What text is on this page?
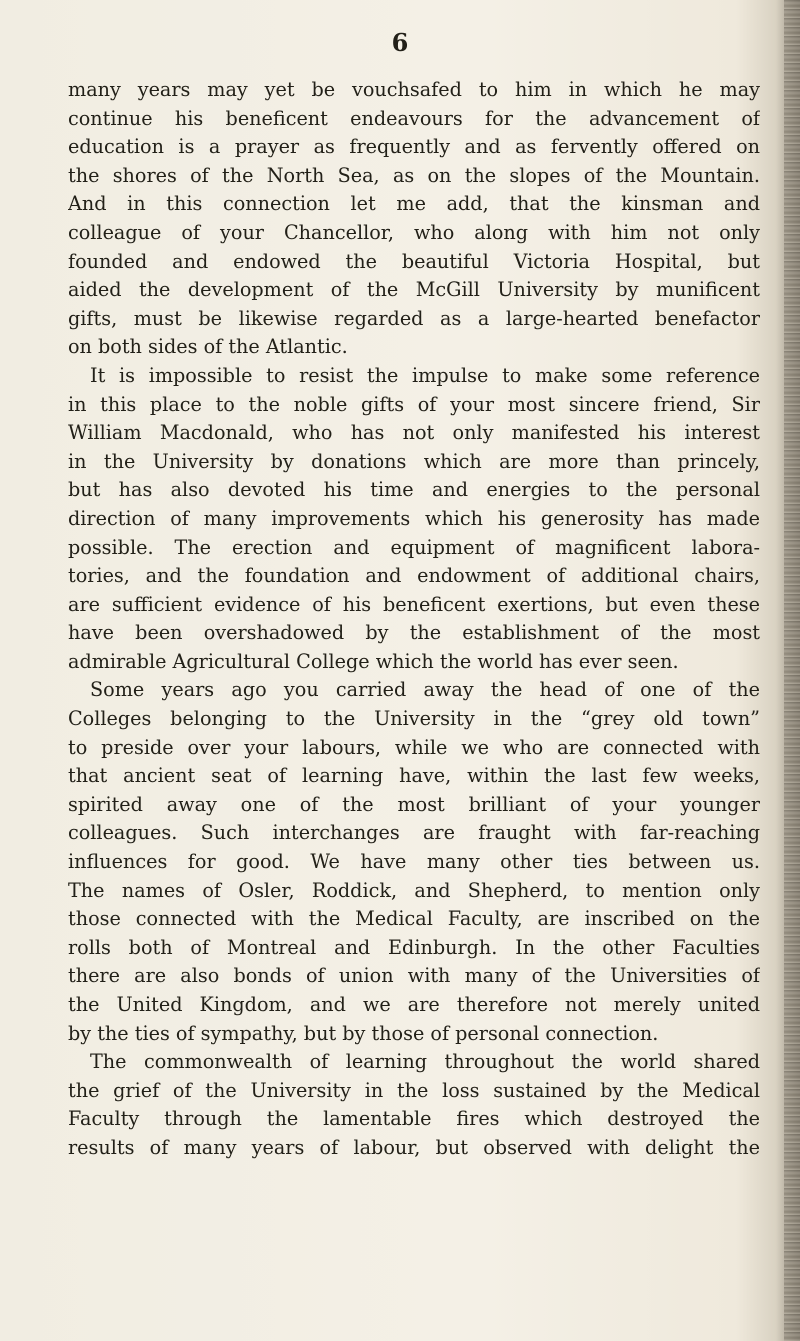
6
many years may yet be vouchsafed to him in which he may
continue his beneficent endeavours for the advancement of
education is a prayer as frequently and as fervently offered on
the shores of the North Sea, as on the slopes of the Mountain.
And in this connection let me add, that the kinsman and
colleague of your Chancellor, who along with him not only
founded and endowed the beautiful Victoria Hospital, but
aided the development of the McGill University by munificent
gifts, must be likewise regarded as a large-hearted benefactor
on both sides of the Atlantic.
It is impossible to resist the impulse to make some reference
in this place to the noble gifts of your most sincere friend, Sir
William Macdonald, who has not only manifested his interest
in the University by donations which are more than princely,
but has also devoted his time and energies to the personal
direction of many improvements which his generosity has made
possible. The erection and equipment of magnificent labora-
tories, and the foundation and endowment of additional chairs,
are sufficient evidence of his beneficent exertions, but even these
have been overshadowed by the establishment of the most
admirable Agricultural College which the world has ever seen.
Some years ago you carried away the head of one of the
Colleges belonging to the University in the “grey old town”
to preside over your labours, while we who are connected with
that ancient seat of learning have, within the last few weeks,
spirited away one of the most brilliant of your younger
colleagues. Such interchanges are fraught with far-reaching
influences for good. We have many other ties between us.
The names of Osler, Roddick, and Shepherd, to mention only
those connected with the Medical Faculty, are inscribed on the
rolls both of Montreal and Edinburgh. In the other Faculties
there are also bonds of union with many of the Universities of
the United Kingdom, and we are therefore not merely united
by the ties of sympathy, but by those of personal connection.
The commonwealth of learning throughout the world shared
the grief of the University in the loss sustained by the Medical
Faculty through the lamentable fires which destroyed the
results of many years of labour, but observed with delight the
